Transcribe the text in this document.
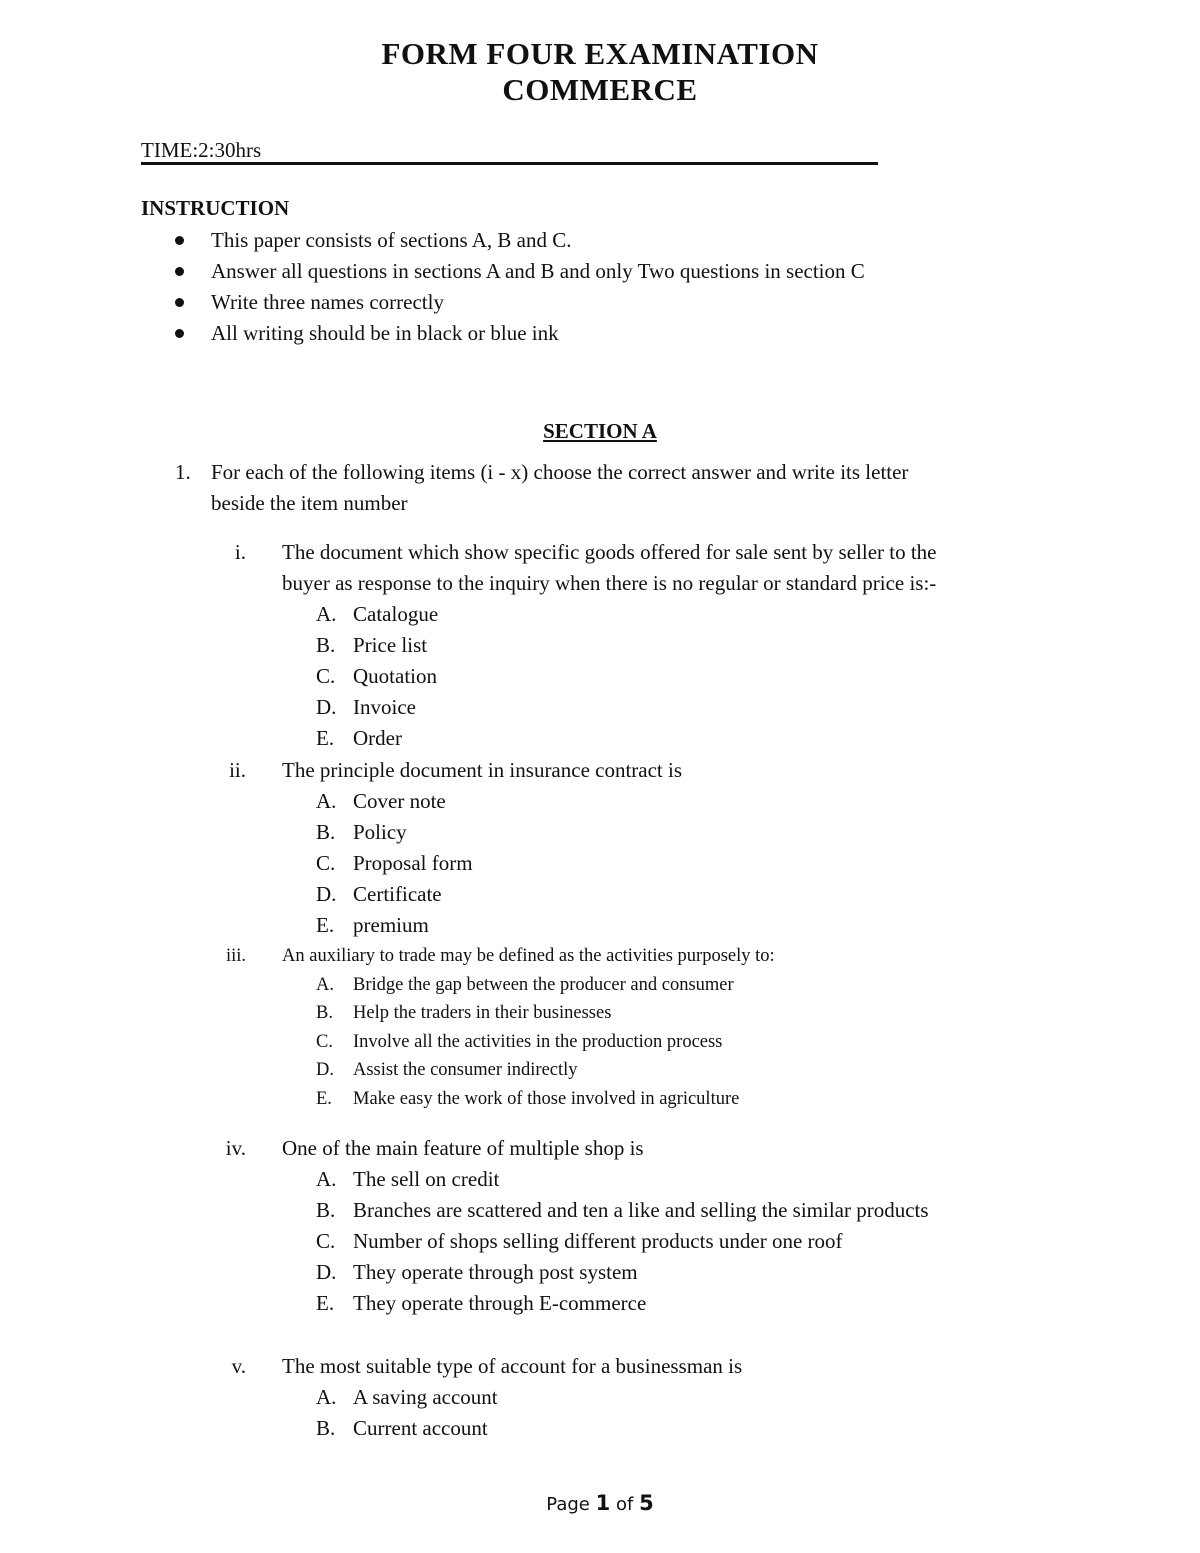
FORM FOUR EXAMINATION
COMMERCE
TIME:2:30hrs
INSTRUCTION
This paper consists of sections A, B and C.
Answer all questions in sections A and B and only Two questions in section C
Write three names correctly
All writing should be in black or blue ink
SECTION A
1. For each of the following items (i - x) choose the correct answer and write its letter
beside the item number
i. The document which show specific goods offered for sale sent by seller to the
buyer as response to the inquiry when there is no regular or standard price is:-
A. Catalogue
B. Price list
C. Quotation
D. Invoice
E. Order
ii. The principle document in insurance contract is
A. Cover note
B. Policy
C. Proposal form
D. Certificate
E. premium
iii. An auxiliary to trade may be defined as the activities purposely to:
A. Bridge the gap between the producer and consumer
B. Help the traders in their businesses
C. Involve all the activities in the production process
D. Assist the consumer indirectly
E. Make easy the work of those involved in agriculture
iv. One of the main feature of multiple shop is
A. The sell on credit
B. Branches are scattered and ten a like and selling the similar products
C. Number of shops selling different products under one roof
D. They operate through post system
E. They operate through E-commerce
v. The most suitable type of account for a businessman is
A. A saving account
B. Current account
Page 1 of 5
